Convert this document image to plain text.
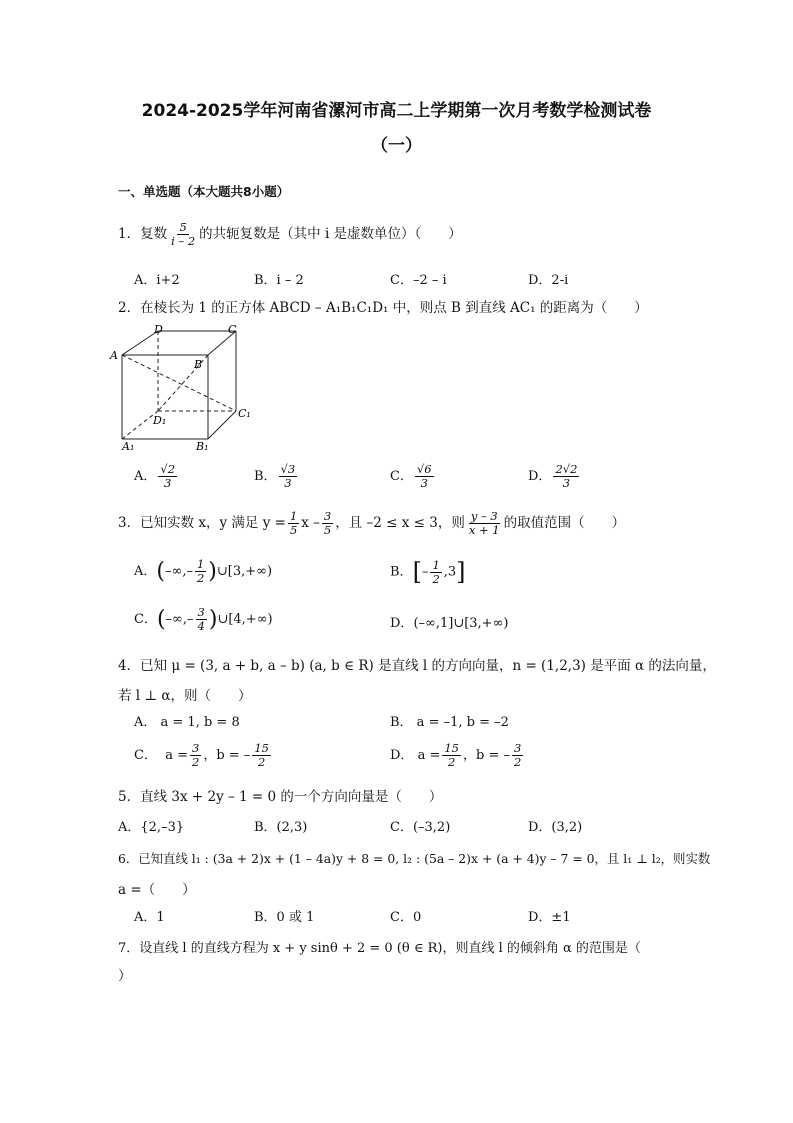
2024-2025学年河南省漯河市高二上学期第一次月考数学检测试卷
（一）
一、单选题（本大题共8小题）
1．复数 $\frac{5}{i - 2}$ 的共轭复数是（其中 i 是虚数单位）（　　）
A．i+2	B．i – 2	C．–2 – i	D．2-i
2．在棱长为 1 的正方体 ABCD – A₁B₁C₁D₁ 中，则点 B 到直线 AC₁ 的距离为（　　）
A
B
C
D
A₁	B₁
C₁
D₁
A． $\frac{√2}{3}$	B． $\frac{√3}{3}$	C． $\frac{√6}{3}$	D． $\frac{2√2}{3}$
3．已知实数 x，y 满足 $y = \frac{1}{5}$ x – $\frac{3}{5}$ ，且 –2 ≤ x ≤ 3，则 $\frac{y - 3}{x + 1}$ 的取值范围（　　）
A．(–∞,– $\frac{1}{2}$ )∪[3,+∞)	B．[– $\frac{1}{2} ,3$]
C．(–∞,– $\frac{3}{4}$ )∪[4,+∞)	D．(–∞,1]∪[3,+∞)
4．已知 μ = (3, a + b, a – b) (a, b ∈ R) 是直线 l 的方向向量，n = (1,2,3) 是平面 α 的法向量，
若 l ⊥ α，则（　　）
A． a = 1, b = 8	B． a = –1, b = –2
C． $a = \frac{3}{2}$ ，b = – $\frac{15}{2}$	D． $a = \frac{15}{2}$ ，b = – $\frac{3}{2}$
5．直线 3x + 2y – 1 = 0 的一个方向向量是（　　）
A．{2,–3}	B．(2,3)	C．(–3,2)	D．(3,2)
6．已知直线 l₁ : (3a + 2)x + (1 – 4a)y + 8 = 0, l₂ : (5a – 2)x + (a + 4)y – 7 = 0，且 l₁ ⊥ l₂，则实数
a =（　　）
A．1	B．0 或 1	C．0	D．±1
7．设直线 l 的直线方程为 x + y sinθ + 2 = 0 (θ ∈ R)，则直线 l 的倾斜角 α 的范围是（
）
